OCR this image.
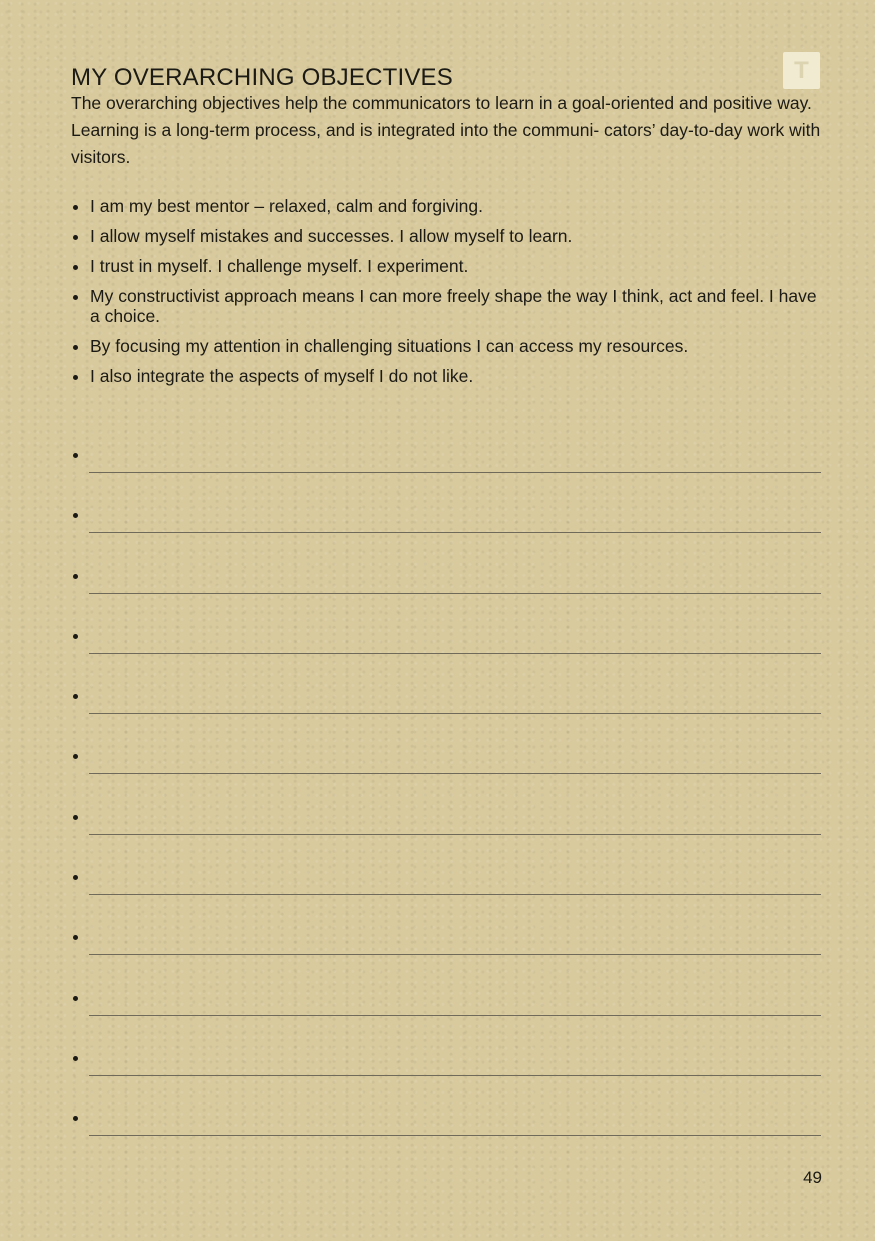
MY OVERARCHING OBJECTIVES	T

The overarching objectives help the communicators to learn in a goal-oriented and positive way. Learning is a long-term process, and is integrated into the communi- cators’ day-to-day work with visitors.

I am my best mentor – relaxed, calm and forgiving.
I allow myself mistakes and successes. I allow myself to learn.
I trust in myself. I challenge myself. I experiment.
My constructivist approach means I can more freely shape the way I think, act and feel. I have a choice.
By focusing my attention in challenging situations I can access my resources.
I also integrate the aspects of myself I do not like.
49
